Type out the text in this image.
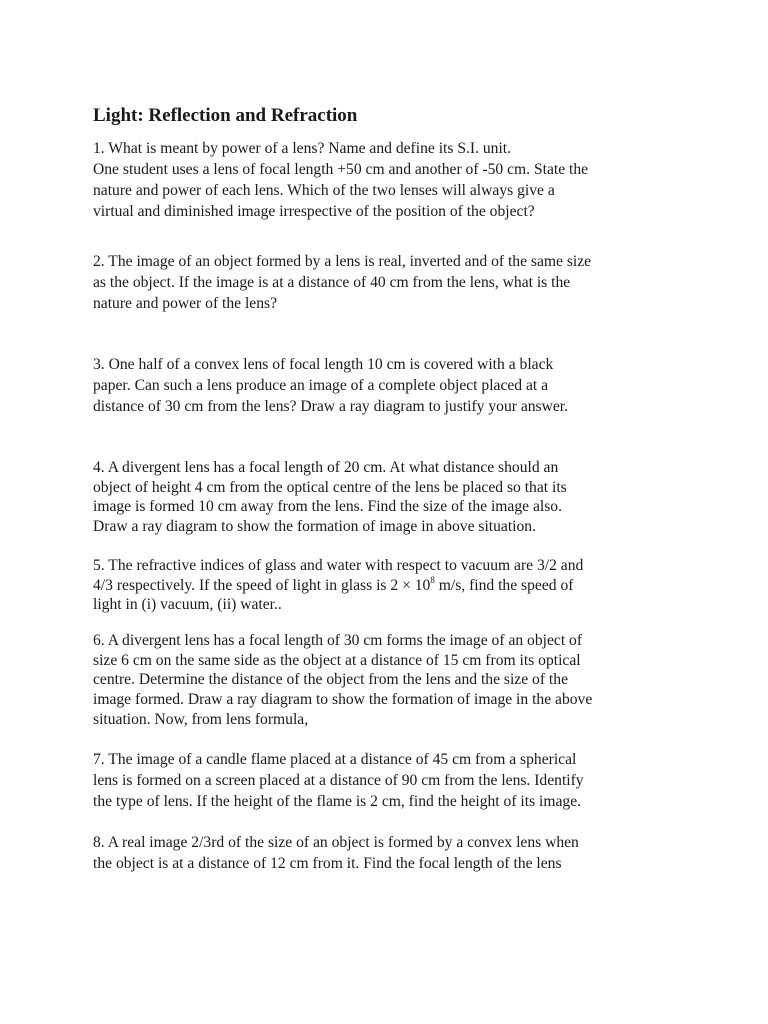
Light: Reflection and Refraction

1. What is meant by power of a lens? Name and define its S.I. unit.
One student uses a lens of focal length +50 cm and another of -50 cm. State the
nature and power of each lens. Which of the two lenses will always give a
virtual and diminished image irrespective of the position of the object?

2. The image of an object formed by a lens is real, inverted and of the same size
as the object. If the image is at a distance of 40 cm from the lens, what is the
nature and power of the lens?

3. One half of a convex lens of focal length 10 cm is covered with a black
paper. Can such a lens produce an image of a complete object placed at a
distance of 30 cm from the lens? Draw a ray diagram to justify your answer.

4. A divergent lens has a focal length of 20 cm. At what distance should an
object of height 4 cm from the optical centre of the lens be placed so that its
image is formed 10 cm away from the lens. Find the size of the image also.
Draw a ray diagram to show the formation of image in above situation.

5. The refractive indices of glass and water with respect to vacuum are 3/2 and
4/3 respectively. If the speed of light in glass is $2 \times 10^8$ m/s, find the speed of
light in (i) vacuum, (ii) water..

6. A divergent lens has a focal length of 30 cm forms the image of an object of
size 6 cm on the same side as the object at a distance of 15 cm from its optical
centre. Determine the distance of the object from the lens and the size of the
image formed. Draw a ray diagram to show the formation of image in the above
situation. Now, from lens formula,

7. The image of a candle flame placed at a distance of 45 cm from a spherical
lens is formed on a screen placed at a distance of 90 cm from the lens. Identify
the type of lens. If the height of the flame is 2 cm, find the height of its image.

8. A real image 2/3rd of the size of an object is formed by a convex lens when
the object is at a distance of 12 cm from it. Find the focal length of the lens
